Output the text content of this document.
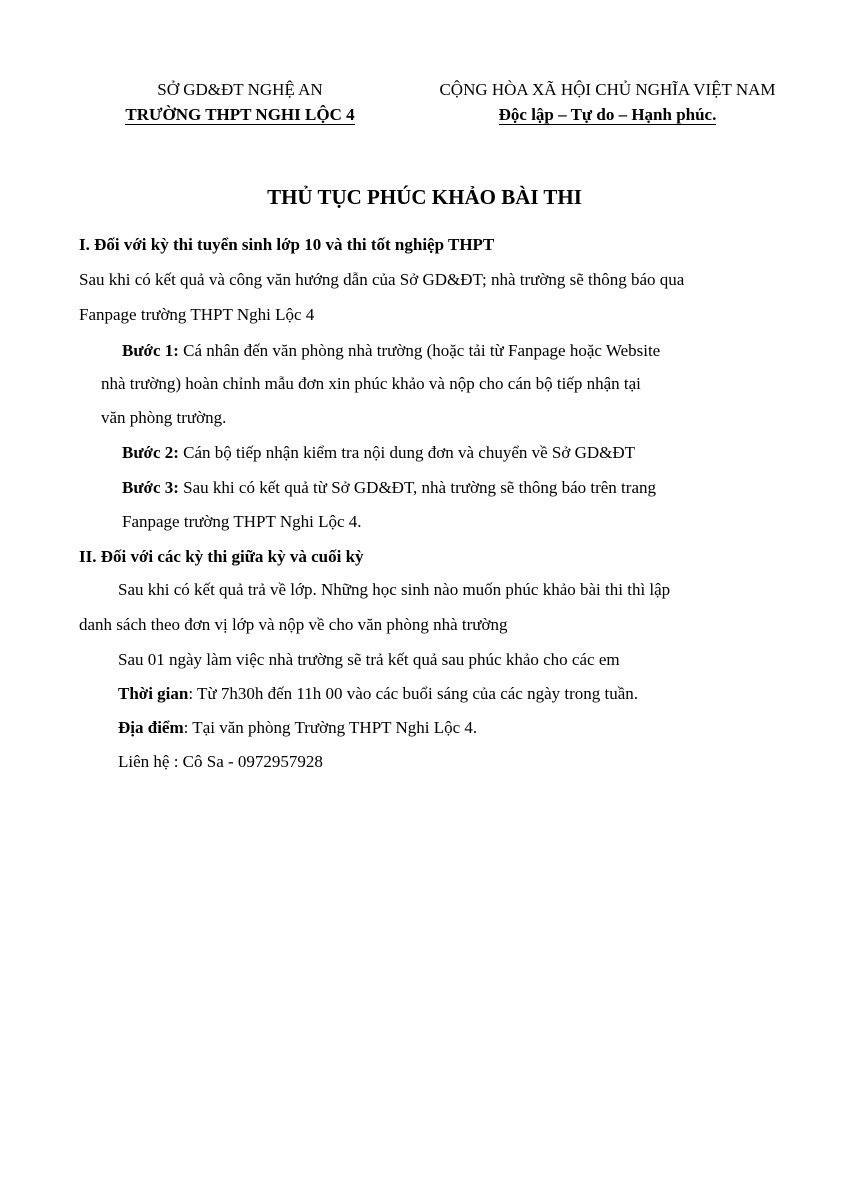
SỞ GD&ĐT NGHỆ AN
TRƯỜNG THPT NGHI LỘC 4
CỘNG HÒA XÃ HỘI CHỦ NGHĨA VIỆT NAM
Độc lập – Tự do – Hạnh phúc.
THỦ TỤC PHÚC KHẢO BÀI THI
I. Đối với kỳ thi tuyển sinh lớp 10 và thi tốt nghiệp THPT
Sau khi có kết quả và công văn hướng dẫn của Sở GD&ĐT; nhà trường sẽ thông báo qua
Fanpage trường THPT Nghi Lộc 4
Bước 1: Cá nhân đến văn phòng nhà trường (hoặc tải từ Fanpage hoặc Website
nhà trường) hoàn chỉnh mẫu đơn xin phúc khảo và nộp cho cán bộ tiếp nhận tại
văn phòng trường.
Bước 2: Cán bộ tiếp nhận kiểm tra nội dung đơn và chuyển về Sở GD&ĐT
Bước 3: Sau khi có kết quả từ Sở GD&ĐT, nhà trường sẽ thông báo trên trang
Fanpage trường THPT Nghi Lộc 4.
II. Đối với các kỳ thi giữa kỳ và cuối kỳ
Sau khi có kết quả trả về lớp. Những học sinh nào muốn phúc khảo bài thi thì lập
danh sách theo đơn vị lớp và nộp về cho văn phòng nhà trường
Sau 01 ngày làm việc nhà trường sẽ trả kết quả sau phúc khảo cho các em
Thời gian: Từ 7h30h đến 11h 00 vào các buổi sáng của các ngày trong tuần.
Địa điểm: Tại văn phòng Trường THPT Nghi Lộc 4.
Liên hệ : Cô Sa - 0972957928
